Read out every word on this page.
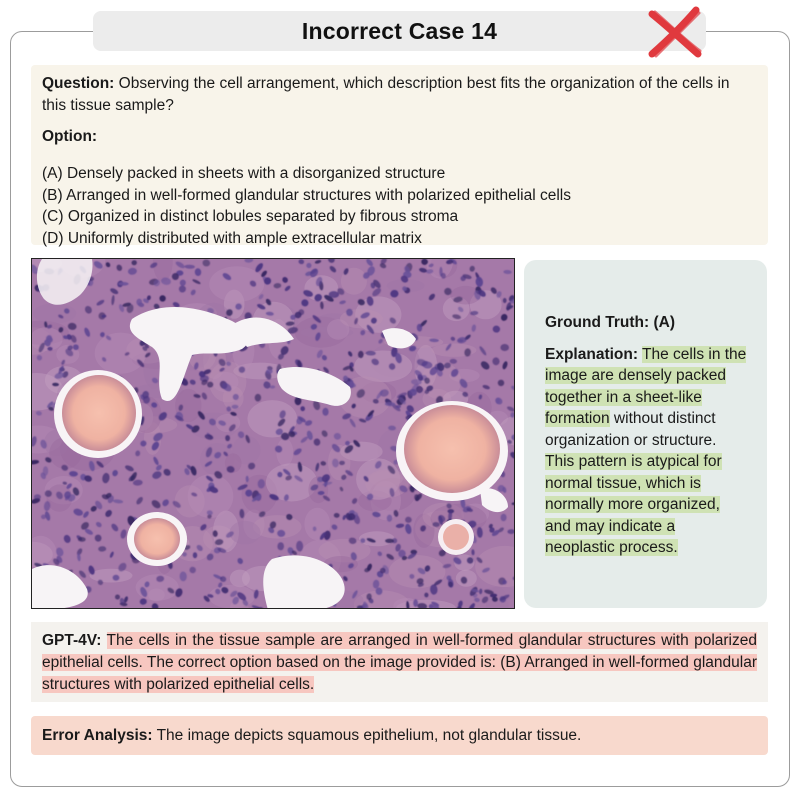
Incorrect Case 14

Question: Observing the cell arrangement, which description best fits the organization of the cells in this tissue sample?

Option:

(A) Densely packed in sheets with a disorganized structure

(B) Arranged in well-formed glandular structures with polarized epithelial cells

(C) Organized in distinct lobules separated by fibrous stroma

(D) Uniformly distributed with ample extracellular matrix

Ground Truth: (A)

Explanation: The cells in the image are densely packed together in a sheet-like formation without distinct organization or structure. This pattern is atypical for normal tissue, which is normally more organized, and may indicate a neoplastic process.

GPT-4V: The cells in the tissue sample are arranged in well-formed glandular structures with polarized epithelial cells. The correct option based on the image provided is: (B) Arranged in well-formed glandular structures with polarized epithelial cells.
Error Analysis: The image depicts squamous epithelium, not glandular tissue.
